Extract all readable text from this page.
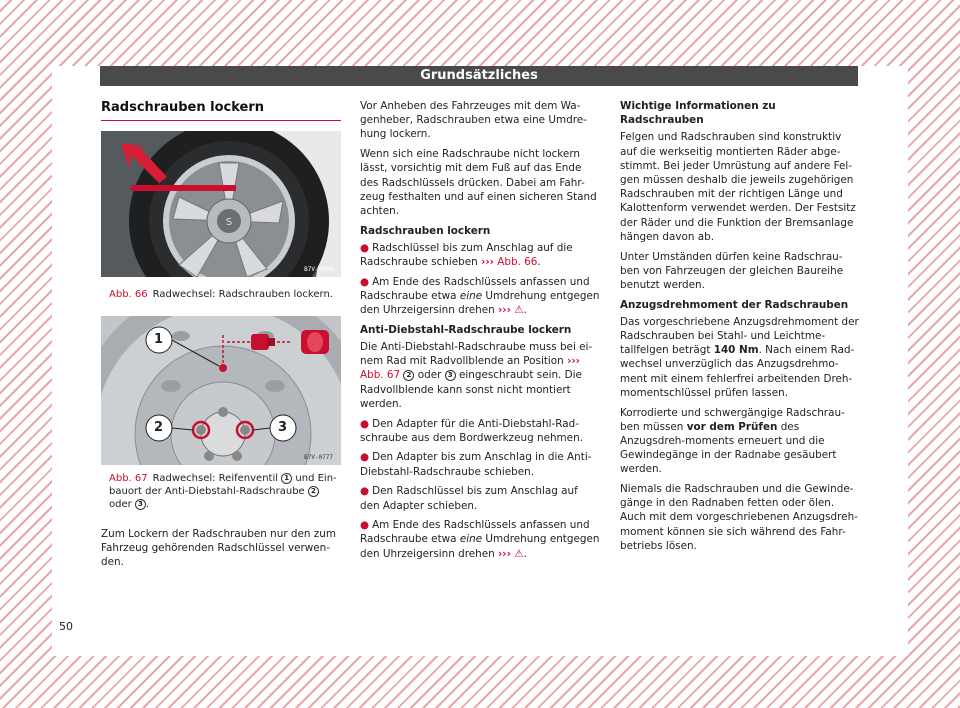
Grundsätzliches
Radschrauben lockern
S
B7V-0856
Abb. 66 Radwechsel: Radschrauben lockern.
1
2	3
B7V-0777
Abb. 67 Radwechsel: Reifenventil 1 und Ein-bauort der Anti-Diebstahl-Radschraube 2 oder 3 .

Zum Lockern der Radschrauben nur den zum Fahrzeug gehörenden Radschlüssel verwen-den.

Vor Anheben des Fahrzeuges mit dem Wa-genheber, Radschrauben etwa eine Umdre-hung lockern.

Wenn sich eine Radschraube nicht lockern lässt, vorsichtig mit dem Fuß auf das Ende des Radschlüssels drücken. Dabei am Fahr-zeug festhalten und auf einen sicheren Stand achten.

Radschrauben lockern

● Radschlüssel bis zum Anschlag auf die Radschraube schieben ››› Abb. 66.

● Am Ende des Radschlüssels anfassen und Radschraube etwa eine Umdrehung entgegen den Uhrzeigersinn drehen ››› ⚠.

Anti-Diebstahl-Radschraube lockern

Die Anti-Diebstahl-Radschraube muss bei ei-nem Rad mit Radvollblende an Position ››› Abb. 67 2 oder 3 eingeschraubt sein. Die Radvollblende kann sonst nicht montiert werden.

● Den Adapter für die Anti-Diebstahl-Rad-schraube aus dem Bordwerkzeug nehmen.

● Den Adapter bis zum Anschlag in die Anti-Diebstahl-Radschraube schieben.

● Den Radschlüssel bis zum Anschlag auf den Adapter schieben.

● Am Ende des Radschlüssels anfassen und Radschraube etwa eine Umdrehung entgegen den Uhrzeigersinn drehen ››› ⚠.

Wichtige Informationen zu Radschrauben

Felgen und Radschrauben sind konstruktiv auf die werkseitig montierten Räder abge-stimmt. Bei jeder Umrüstung auf andere Fel-gen müssen deshalb die jeweils zugehörigen Radschrauben mit der richtigen Länge und Kalottenform verwendet werden. Der Festsitz der Räder und die Funktion der Bremsanlage hängen davon ab.

Unter Umständen dürfen keine Radschrau-ben von Fahrzeugen der gleichen Baureihe benutzt werden.

Anzugsdrehmoment der Radschrauben

Das vorgeschriebene Anzugsdrehmoment der Radschrauben bei Stahl- und Leichtme-tallfelgen beträgt 140 Nm. Nach einem Rad-wechsel unverzüglich das Anzugsdrehmo-ment mit einem fehlerfrei arbeitenden Dreh-momentschlüssel prüfen lassen.

Korrodierte und schwergängige Radschrau-ben müssen vor dem Prüfen des Anzugsdreh-moments erneuert und die Gewindegänge in der Radnabe gesäubert werden.

Niemals die Radschrauben und die Gewinde-gänge in den Radnaben fetten oder ölen. Auch mit dem vorgeschriebenen Anzugsdreh-moment können sie sich während des Fahr-betriebs lösen.

50
